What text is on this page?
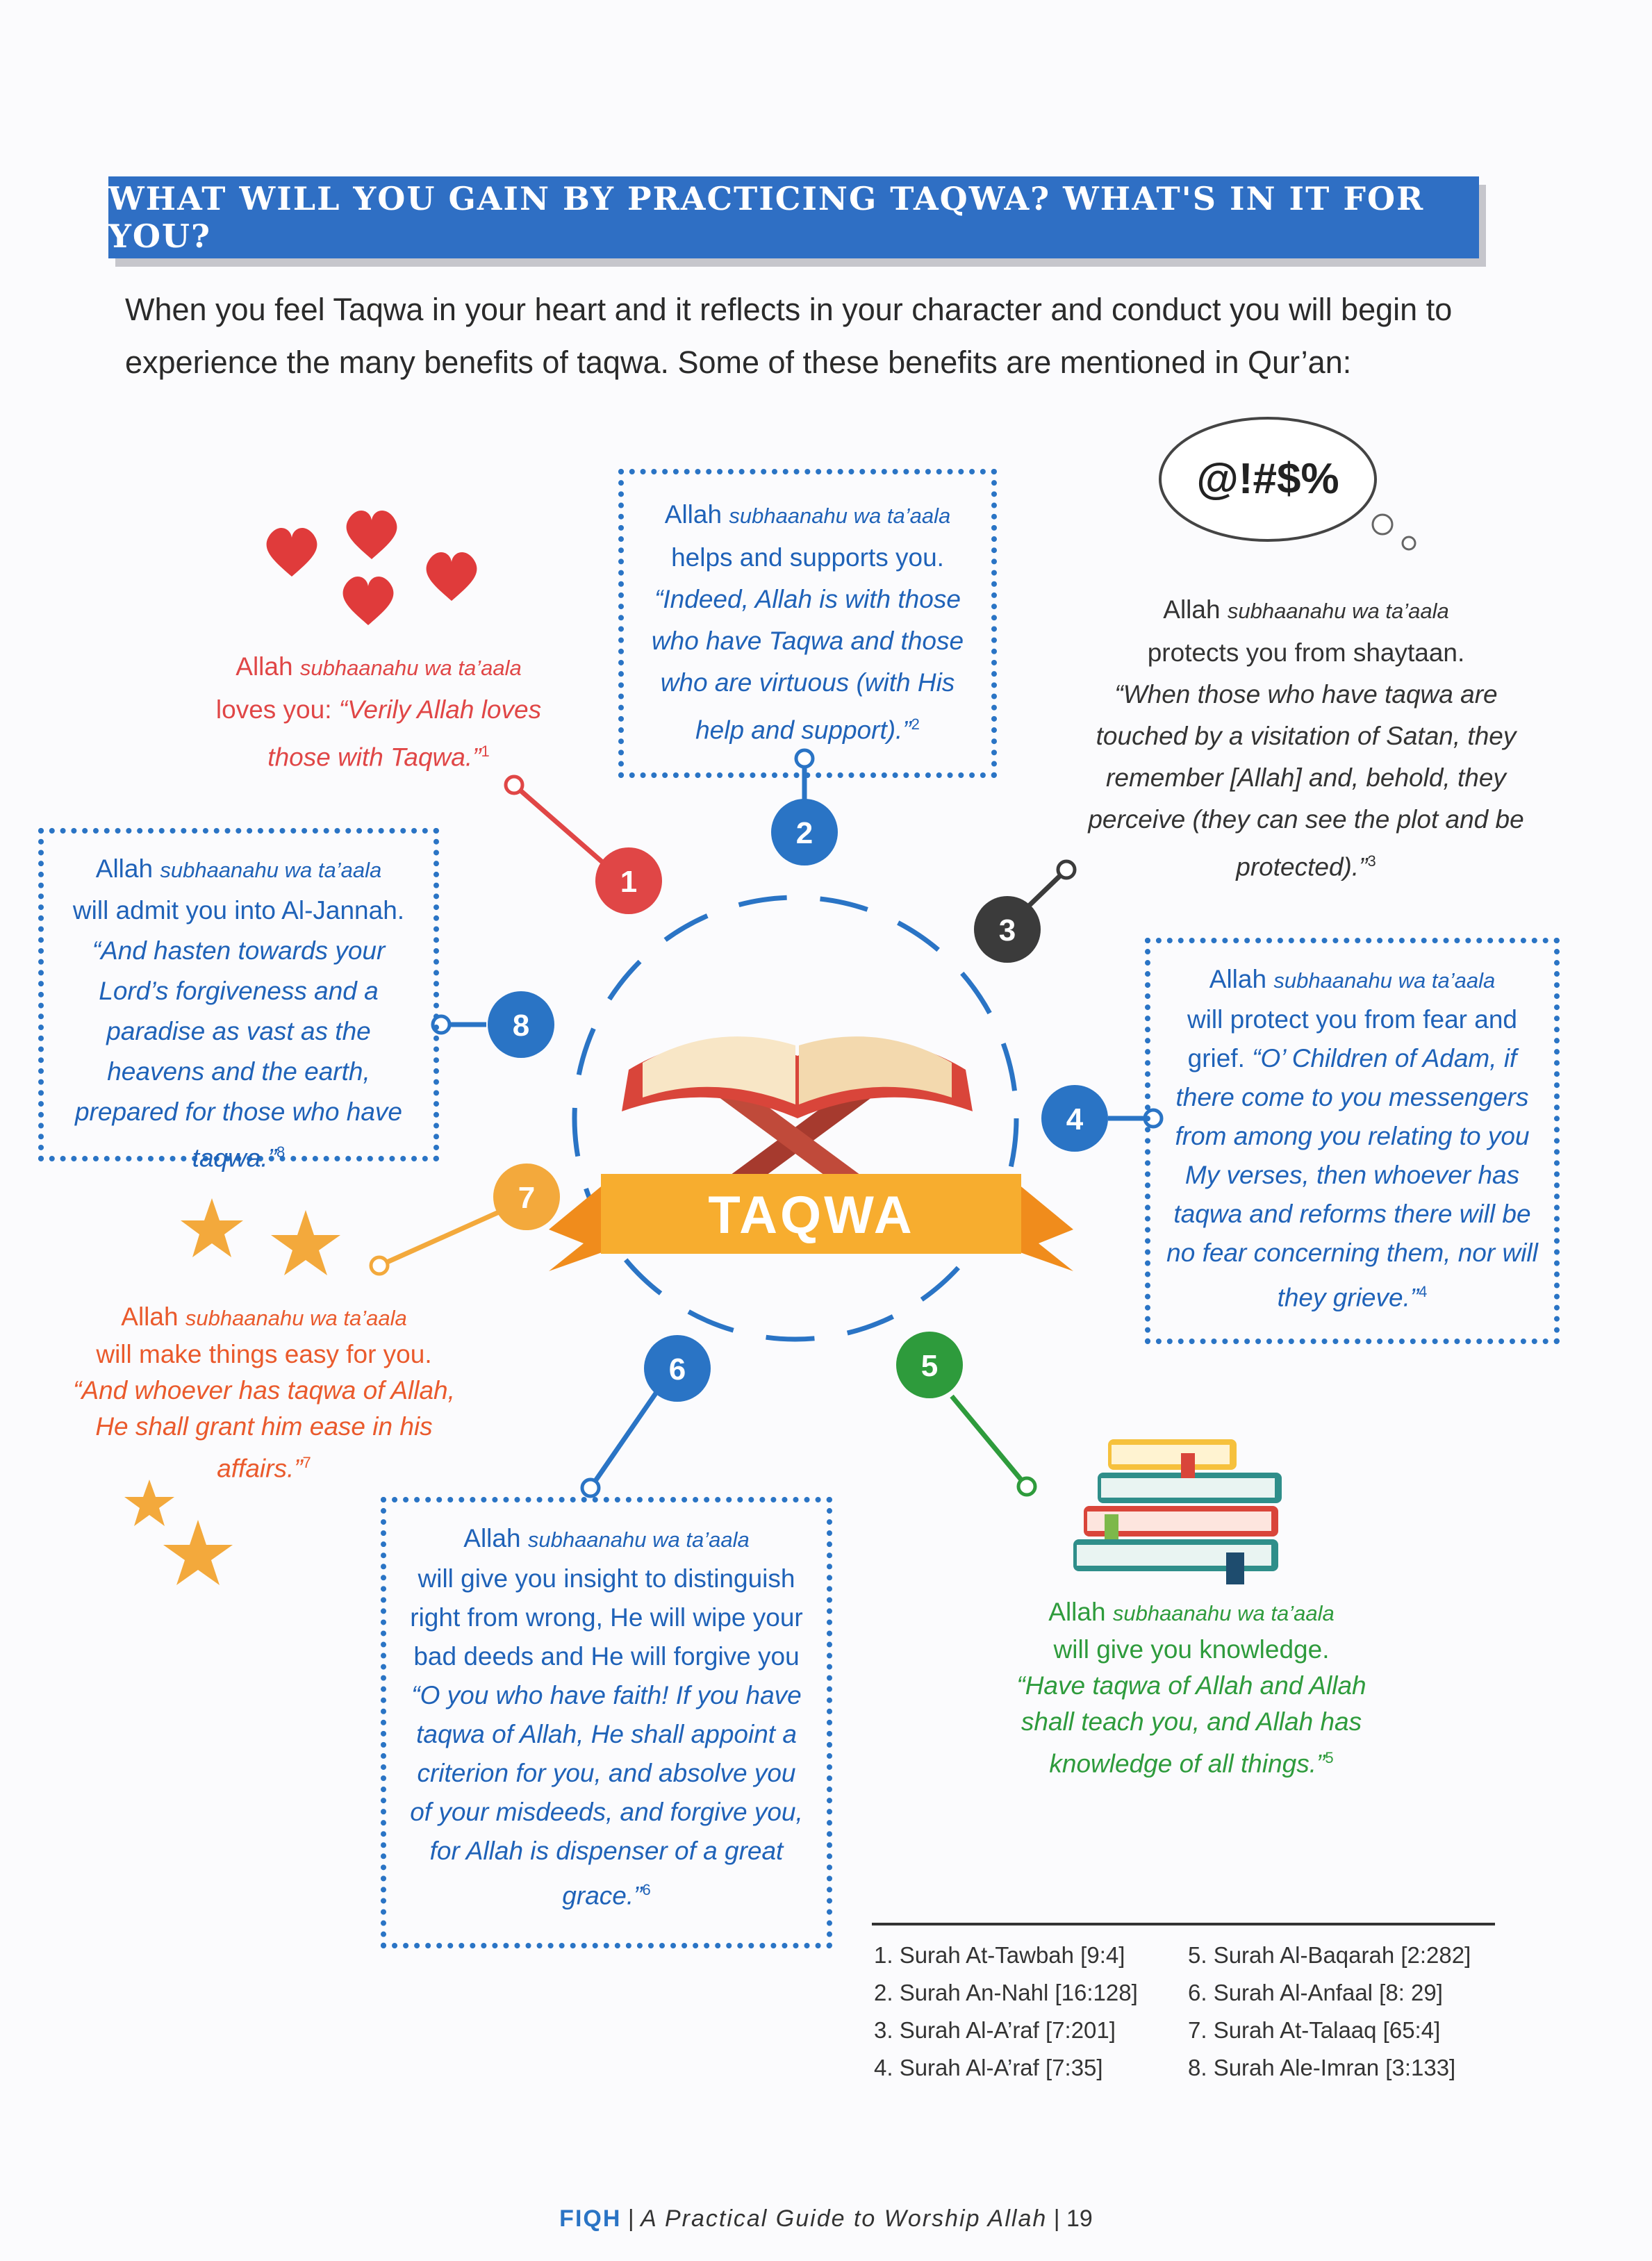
WHAT WILL YOU GAIN BY PRACTICING TAQWA? WHAT'S IN IT FOR YOU?
When you feel Taqwa in your heart and it reflects in your character and conduct you will begin to experience the many benefits of taqwa. Some of these benefits are mentioned in Qur’an:
1
2
3
4
5
6
7
8
TAQWA
@!#$%
Allah subhaanahu wa ta’aala
loves you: “Verily Allah loves those with Taqwa.”$^1$
Allah subhaanahu wa ta’aala
helps and supports you.
“Indeed, Allah is with those who have Taqwa and those who are virtuous (with His help and support).”$^2$
Allah subhaanahu wa ta’aala
protects you from shaytaan.
“When those who have taqwa are touched by a visitation of Satan, they remember [Allah] and, behold, they perceive (they can see the plot and be protected).”$^3$
Allah subhaanahu wa ta’aala
will protect you from fear and grief. “O’ Children of Adam, if there come to you messengers from among you relating to you My verses, then whoever has taqwa and reforms there will be no fear concerning them, nor will they grieve.”$^4$
Allah subhaanahu wa ta’aala
will give you knowledge.
“Have taqwa of Allah and Allah shall teach you, and Allah has knowledge of all things.”$^5$
Allah subhaanahu wa ta’aala
will give you insight to distinguish right from wrong, He will wipe your bad deeds and He will forgive you “O you who have faith! If you have taqwa of Allah, He shall appoint a criterion for you, and absolve you of your misdeeds, and forgive you, for Allah is dispenser of a great grace.”$^6$
Allah subhaanahu wa ta’aala
will make things easy for you.
“And whoever has taqwa of Allah, He shall grant him ease in his affairs.”$^7$
Allah subhaanahu wa ta’aala
will admit you into Al-Jannah. “And hasten towards your Lord’s forgiveness and a paradise as vast as the heavens and the earth, prepared for those who have taqwa.”$^8$
1. Surah At-Tawbah [9:4]
2. Surah An-Nahl [16:128]
3. Surah Al-A’raf [7:201]
4. Surah Al-A’raf [7:35]
5. Surah Al-Baqarah [2:282]
6. Surah Al-Anfaal [8: 29]
7. Surah At-Talaaq [65:4]
8. Surah Ale-Imran [3:133]
FIQH | A Practical Guide to Worship Allah | 19
